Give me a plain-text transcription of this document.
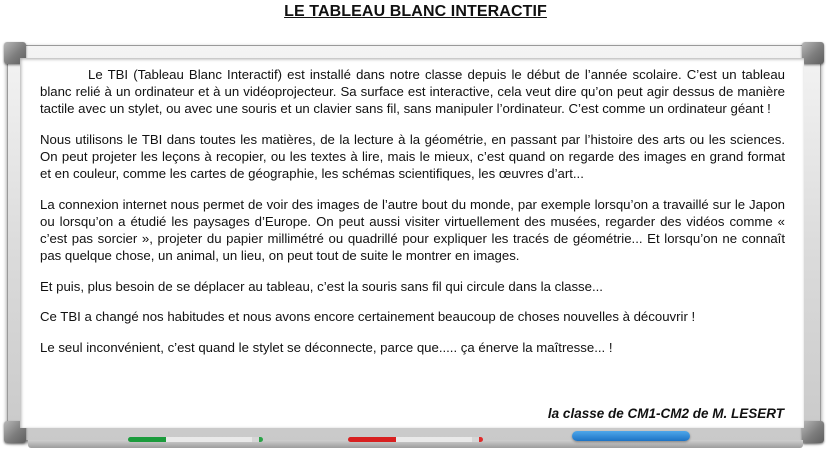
LE TABLEAU BLANC INTERACTIF

Le TBI (Tableau Blanc Interactif) est installé dans notre classe depuis le début de l’année scolaire. C’est un tableau blanc relié à un ordinateur et à un vidéoprojecteur. Sa surface est interactive, cela veut dire qu’on peut agir dessus de manière tactile avec un stylet, ou avec une souris et un clavier sans fil, sans manipuler l’ordinateur. C’est comme un ordinateur géant !

Nous utilisons le TBI dans toutes les matières, de la lecture à la géométrie, en passant par l’histoire des arts ou les sciences. On peut projeter les leçons à recopier, ou les textes à lire, mais le mieux, c’est quand on regarde des images en grand format et en couleur, comme les cartes de géographie, les schémas scientifiques, les œuvres d’art...

La connexion internet nous permet de voir des images de l’autre bout du monde, par exemple lorsqu’on a travaillé sur le Japon ou lorsqu’on a étudié les paysages d’Europe. On peut aussi visiter virtuellement des musées, regarder des vidéos comme « c’est pas sorcier », projeter du papier millimétré ou quadrillé pour expliquer les tracés de géométrie... Et lorsqu’on ne connaît pas quelque chose, un animal, un lieu, on peut tout de suite le montrer en images.

Et puis, plus besoin de se déplacer au tableau, c’est la souris sans fil qui circule dans la classe...

Ce TBI a changé nos habitudes et nous avons encore certainement beaucoup de choses nouvelles à découvrir !

Le seul inconvénient, c’est quand le stylet se déconnecte, parce que..... ça énerve la maîtresse... !

la classe de CM1-CM2 de M. LESERT
